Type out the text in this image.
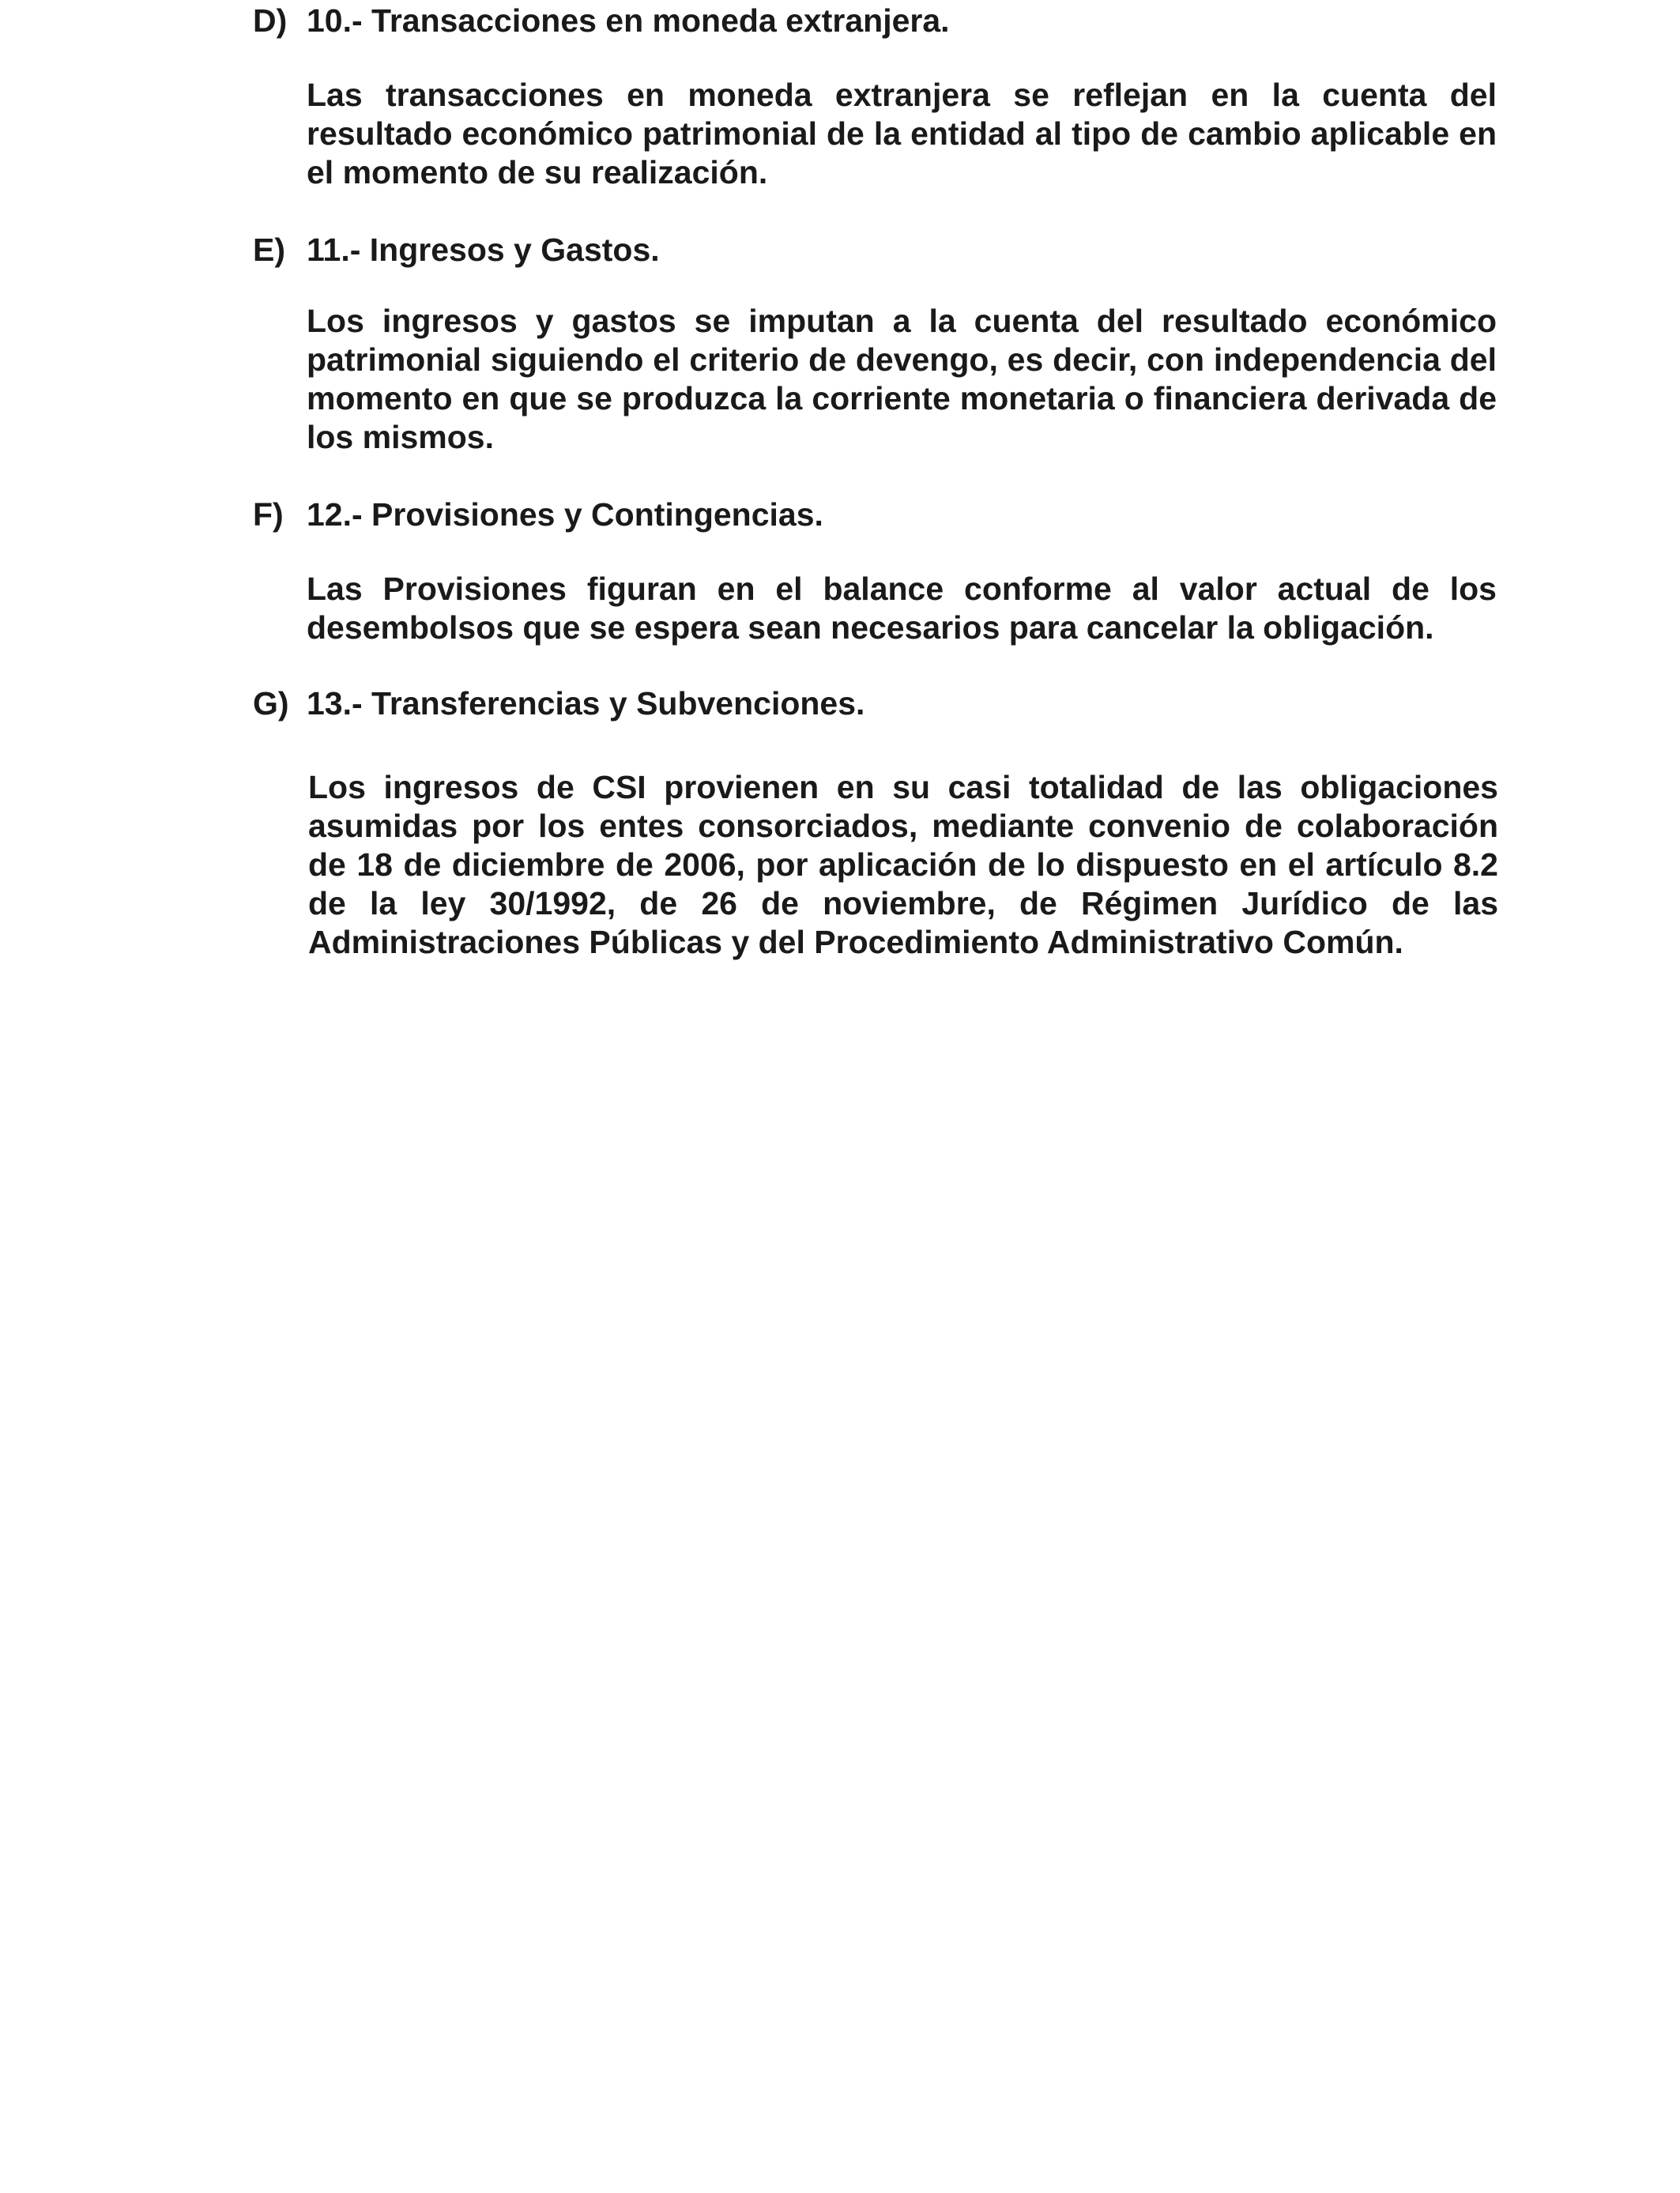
D) 10.- Transacciones en moneda extranjera.

Las transacciones en moneda extranjera se reflejan en la cuenta del resultado económico patrimonial de la entidad al tipo de cambio aplicable en el momento de su realización.

E) 11.- Ingresos y Gastos.

Los ingresos y gastos se imputan a la cuenta del resultado económico patrimonial siguiendo el criterio de devengo, es decir, con independencia del momento en que se produzca la corriente monetaria o financiera derivada de los mismos.

F) 12.- Provisiones y Contingencias.

Las Provisiones figuran en el balance conforme al valor actual de los desembolsos que se espera sean necesarios para cancelar la obligación.

G) 13.- Transferencias y Subvenciones.

Los ingresos de CSI provienen en su casi totalidad de las obligaciones asumidas por los entes consorciados, mediante convenio de colaboración de 18 de diciembre de 2006, por aplicación de lo dispuesto en el artículo 8.2 de la ley 30/1992, de 26 de noviembre, de Régimen Jurídico de las Administraciones Públicas y del Procedimiento Administrativo Común.
